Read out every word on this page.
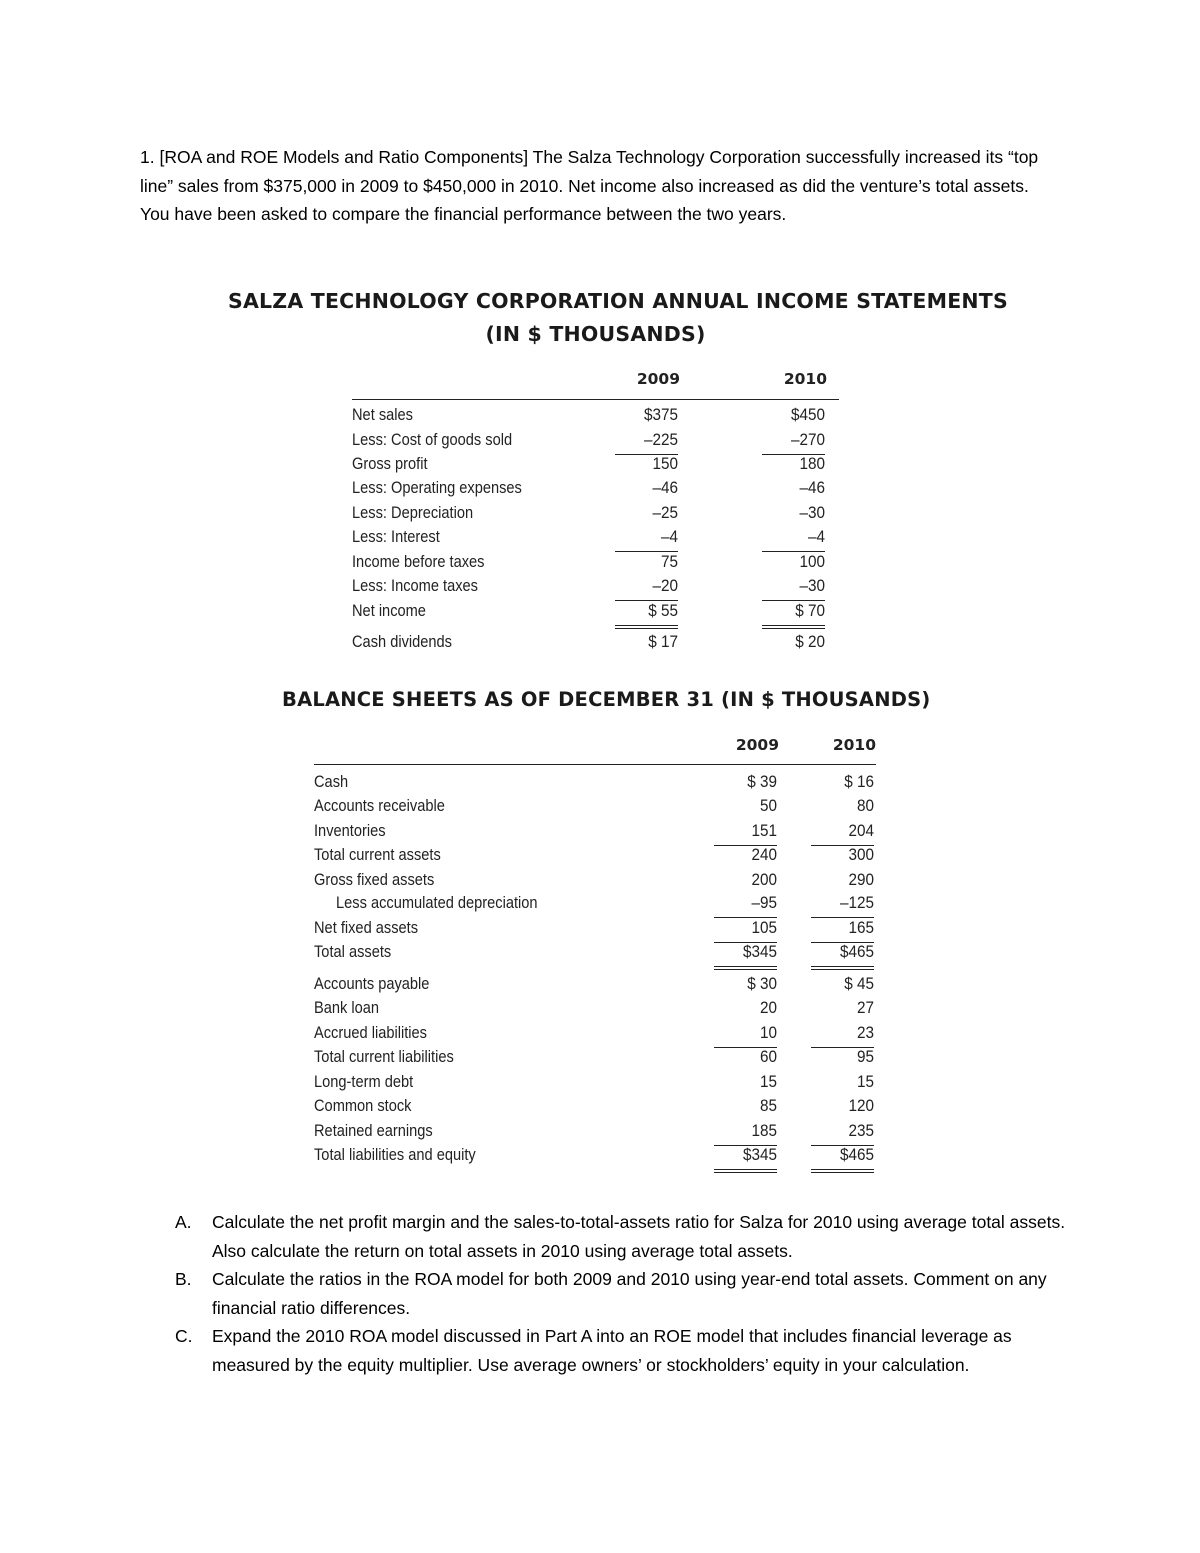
1. [ROA and ROE Models and Ratio Components] The Salza Technology Corporation successfully increased its “top line” sales from $375,000 in 2009 to $450,000 in 2010. Net income also increased as did the venture’s total assets. You have been asked to compare the financial performance between the two years.

SALZA TECHNOLOGY CORPORATION ANNUAL INCOME STATEMENTS
(IN $ THOUSANDS)
2009	2010
Net sales	$375	$450
Less: Cost of goods sold	–225	–270
Gross profit	150	180
Less: Operating expenses	–46	–46
Less: Depreciation	–25	–30
Less: Interest	–4	–4
Income before taxes	75	100
Less: Income taxes	–20	–30
Net income	$ 55	$ 70
Cash dividends	$ 17	$ 20
BALANCE SHEETS AS OF DECEMBER 31 (IN $ THOUSANDS)
2009	2010
Cash	$ 39	$ 16
Accounts receivable	50	80
Inventories	151	204
Total current assets	240	300
Gross fixed assets	200	290
Less accumulated depreciation	–95	–125
Net fixed assets	105	165
Total assets	$345	$465
Accounts payable	$ 30	$ 45
Bank loan	20	27
Accrued liabilities	10	23
Total current liabilities	60	95
Long-term debt	15	15
Common stock	85	120
Retained earnings	185	235
Total liabilities and equity	$345	$465
A. Calculate the net profit margin and the sales-to-total-assets ratio for Salza for 2010 using average total assets. Also calculate the return on total assets in 2010 using average total assets.
B. Calculate the ratios in the ROA model for both 2009 and 2010 using year-end total assets. Comment on any financial ratio differences.
C. Expand the 2010 ROA model discussed in Part A into an ROE model that includes financial leverage as measured by the equity multiplier. Use average owners’ or stockholders’ equity in your calculation.
